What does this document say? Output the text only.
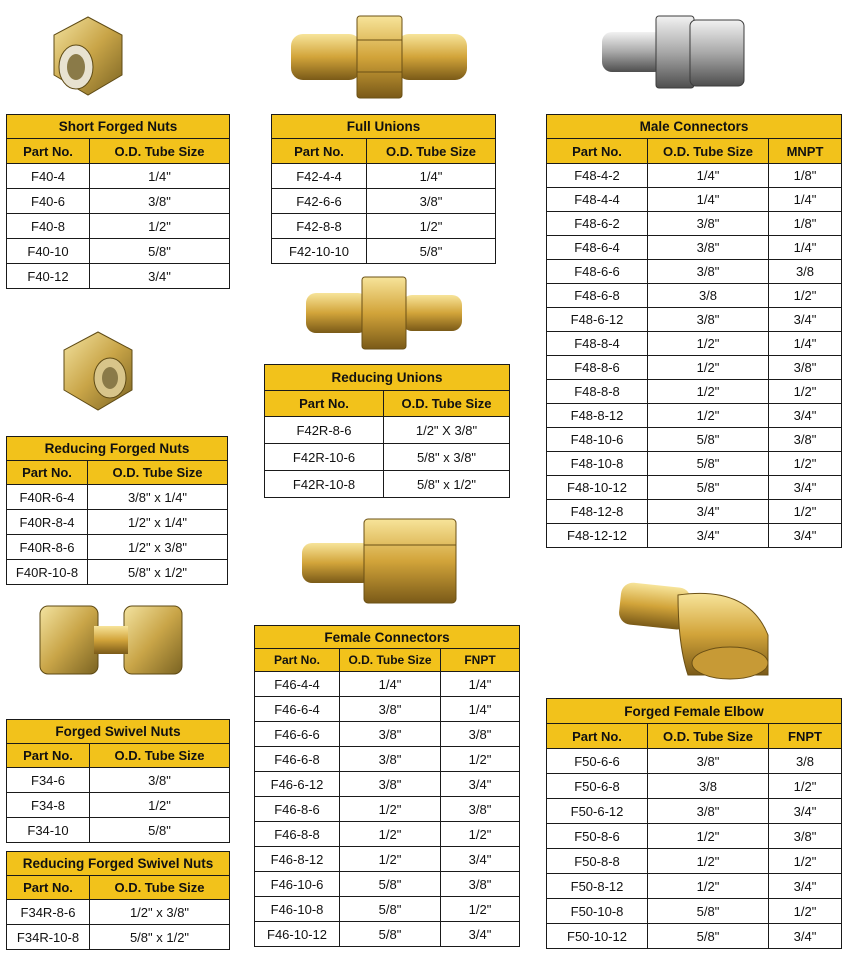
Short Forged Nuts	
Part No.	O.D. Tube Size
F40-4	1/4"
F40-6	3/8"
F40-8	1/2"
F40-10	5/8"
F40-12	3/4"
Full Unions	
Part No.	O.D. Tube Size
F42-4-4	1/4"
F42-6-6	3/8"
F42-8-8	1/2"
F42-10-10	5/8"
Male Connectors		
Part No.	O.D. Tube Size	MNPT
F48-4-2	1/4"	1/8"
F48-4-4	1/4"	1/4"
F48-6-2	3/8"	1/8"
F48-6-4	3/8"	1/4"
F48-6-6	3/8"	3/8
F48-6-8	3/8	1/2"
F48-6-12	3/8"	3/4"
F48-8-4	1/2"	1/4"
F48-8-6	1/2"	3/8"
F48-8-8	1/2"	1/2"
F48-8-12	1/2"	3/4"
F48-10-6	5/8"	3/8"
F48-10-8	5/8"	1/2"
F48-10-12	5/8"	3/4"
F48-12-8	3/4"	1/2"
F48-12-12	3/4"	3/4"
Reducing Unions	
Part No.	O.D. Tube Size
F42R-8-6	1/2" X 3/8"
F42R-10-6	5/8" x 3/8"
F42R-10-8	5/8" x 1/2"
Reducing Forged Nuts	
Part No.	O.D. Tube Size
F40R-6-4	3/8" x 1/4"
F40R-8-4	1/2" x 1/4"
F40R-8-6	1/2" x 3/8"
F40R-10-8	5/8" x 1/2"
Forged Swivel Nuts	
Part No.	O.D. Tube Size
F34-6	3/8"
F34-8	1/2"
F34-10	5/8"
Reducing Forged Swivel Nuts	
Part No.	O.D. Tube Size
F34R-8-6	1/2" x 3/8"
F34R-10-8	5/8" x 1/2"
Female Connectors		
Part No.	O.D. Tube Size	FNPT
F46-4-4	1/4"	1/4"
F46-6-4	3/8"	1/4"
F46-6-6	3/8"	3/8"
F46-6-8	3/8"	1/2"
F46-6-12	3/8"	3/4"
F46-8-6	1/2"	3/8"
F46-8-8	1/2"	1/2"
F46-8-12	1/2"	3/4"
F46-10-6	5/8"	3/8"
F46-10-8	5/8"	1/2"
F46-10-12	5/8"	3/4"
Forged Female Elbow		
Part No.	O.D. Tube Size	FNPT
F50-6-6	3/8"	3/8
F50-6-8	3/8	1/2"
F50-6-12	3/8"	3/4"
F50-8-6	1/2"	3/8"
F50-8-8	1/2"	1/2"
F50-8-12	1/2"	3/4"
F50-10-8	5/8"	1/2"
F50-10-12	5/8"	3/4"
